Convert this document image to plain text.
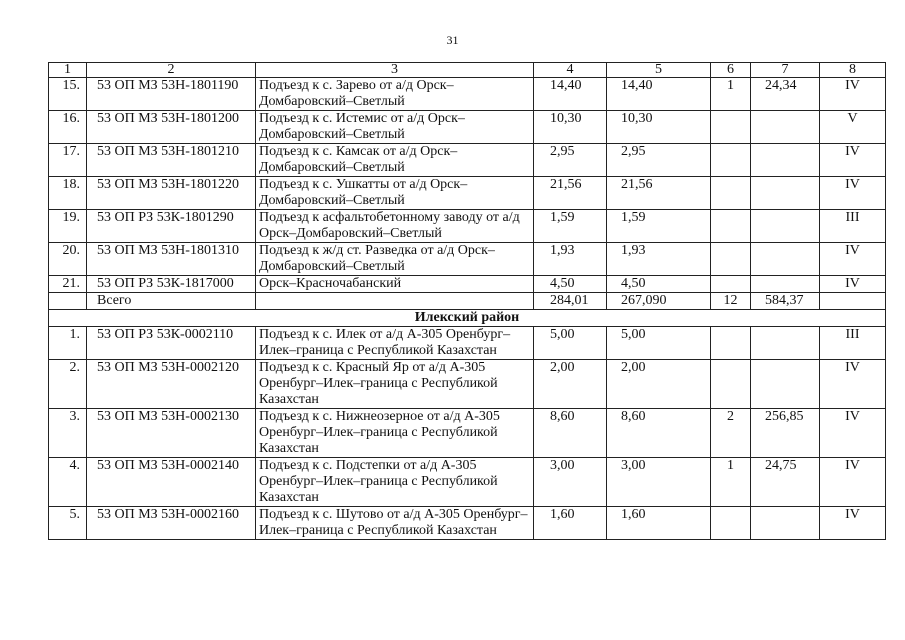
31
1	2	3	4	5	6	7	8
15.	53 ОП МЗ 53Н-1801190	Подъезд к с. Зарево от а/д Орск–Домбаровский–Светлый	14,40	14,40	1	24,34	IV
16.	53 ОП МЗ 53Н-1801200	Подъезд к с. Истемис от а/д Орск–Домбаровский–Светлый	10,30	10,30			V
17.	53 ОП МЗ 53Н-1801210	Подъезд к с. Камсак от а/д Орск–Домбаровский–Светлый	2,95	2,95			IV
18.	53 ОП МЗ 53Н-1801220	Подъезд к с. Ушкатты от а/д Орск–Домбаровский–Светлый	21,56	21,56			IV
19.	53 ОП РЗ 53К-1801290	Подъезд к асфальтобетонному заводу от а/д Орск–Домбаровский–Светлый	1,59	1,59			III
20.	53 ОП МЗ 53Н-1801310	Подъезд к ж/д ст. Разведка от а/д Орск–Домбаровский–Светлый	1,93	1,93			IV
21.	53 ОП РЗ 53К-1817000	Орск–Красночабанский	4,50	4,50			IV
	Всего		284,01	267,090	12	584,37	
Илекский район							
1.	53 ОП РЗ 53К-0002110	Подъезд к с. Илек от а/д А-305 Оренбург–Илек–граница с Республикой Казахстан	5,00	5,00			III
2.	53 ОП МЗ 53Н-0002120	Подъезд к с. Красный Яр от а/д А-305 Оренбург–Илек–граница с Республикой Казахстан	2,00	2,00			IV
3.	53 ОП МЗ 53Н-0002130	Подъезд к с. Нижнеозерное от а/д А-305 Оренбург–Илек–граница с Республикой Казахстан	8,60	8,60	2	256,85	IV
4.	53 ОП МЗ 53Н-0002140	Подъезд к с. Подстепки от а/д А-305 Оренбург–Илек–граница с Республикой Казахстан	3,00	3,00	1	24,75	IV
5.	53 ОП МЗ 53Н-0002160	Подъезд к с. Шутово от а/д А-305 Оренбург–Илек–граница с Республикой Казахстан	1,60	1,60			IV
